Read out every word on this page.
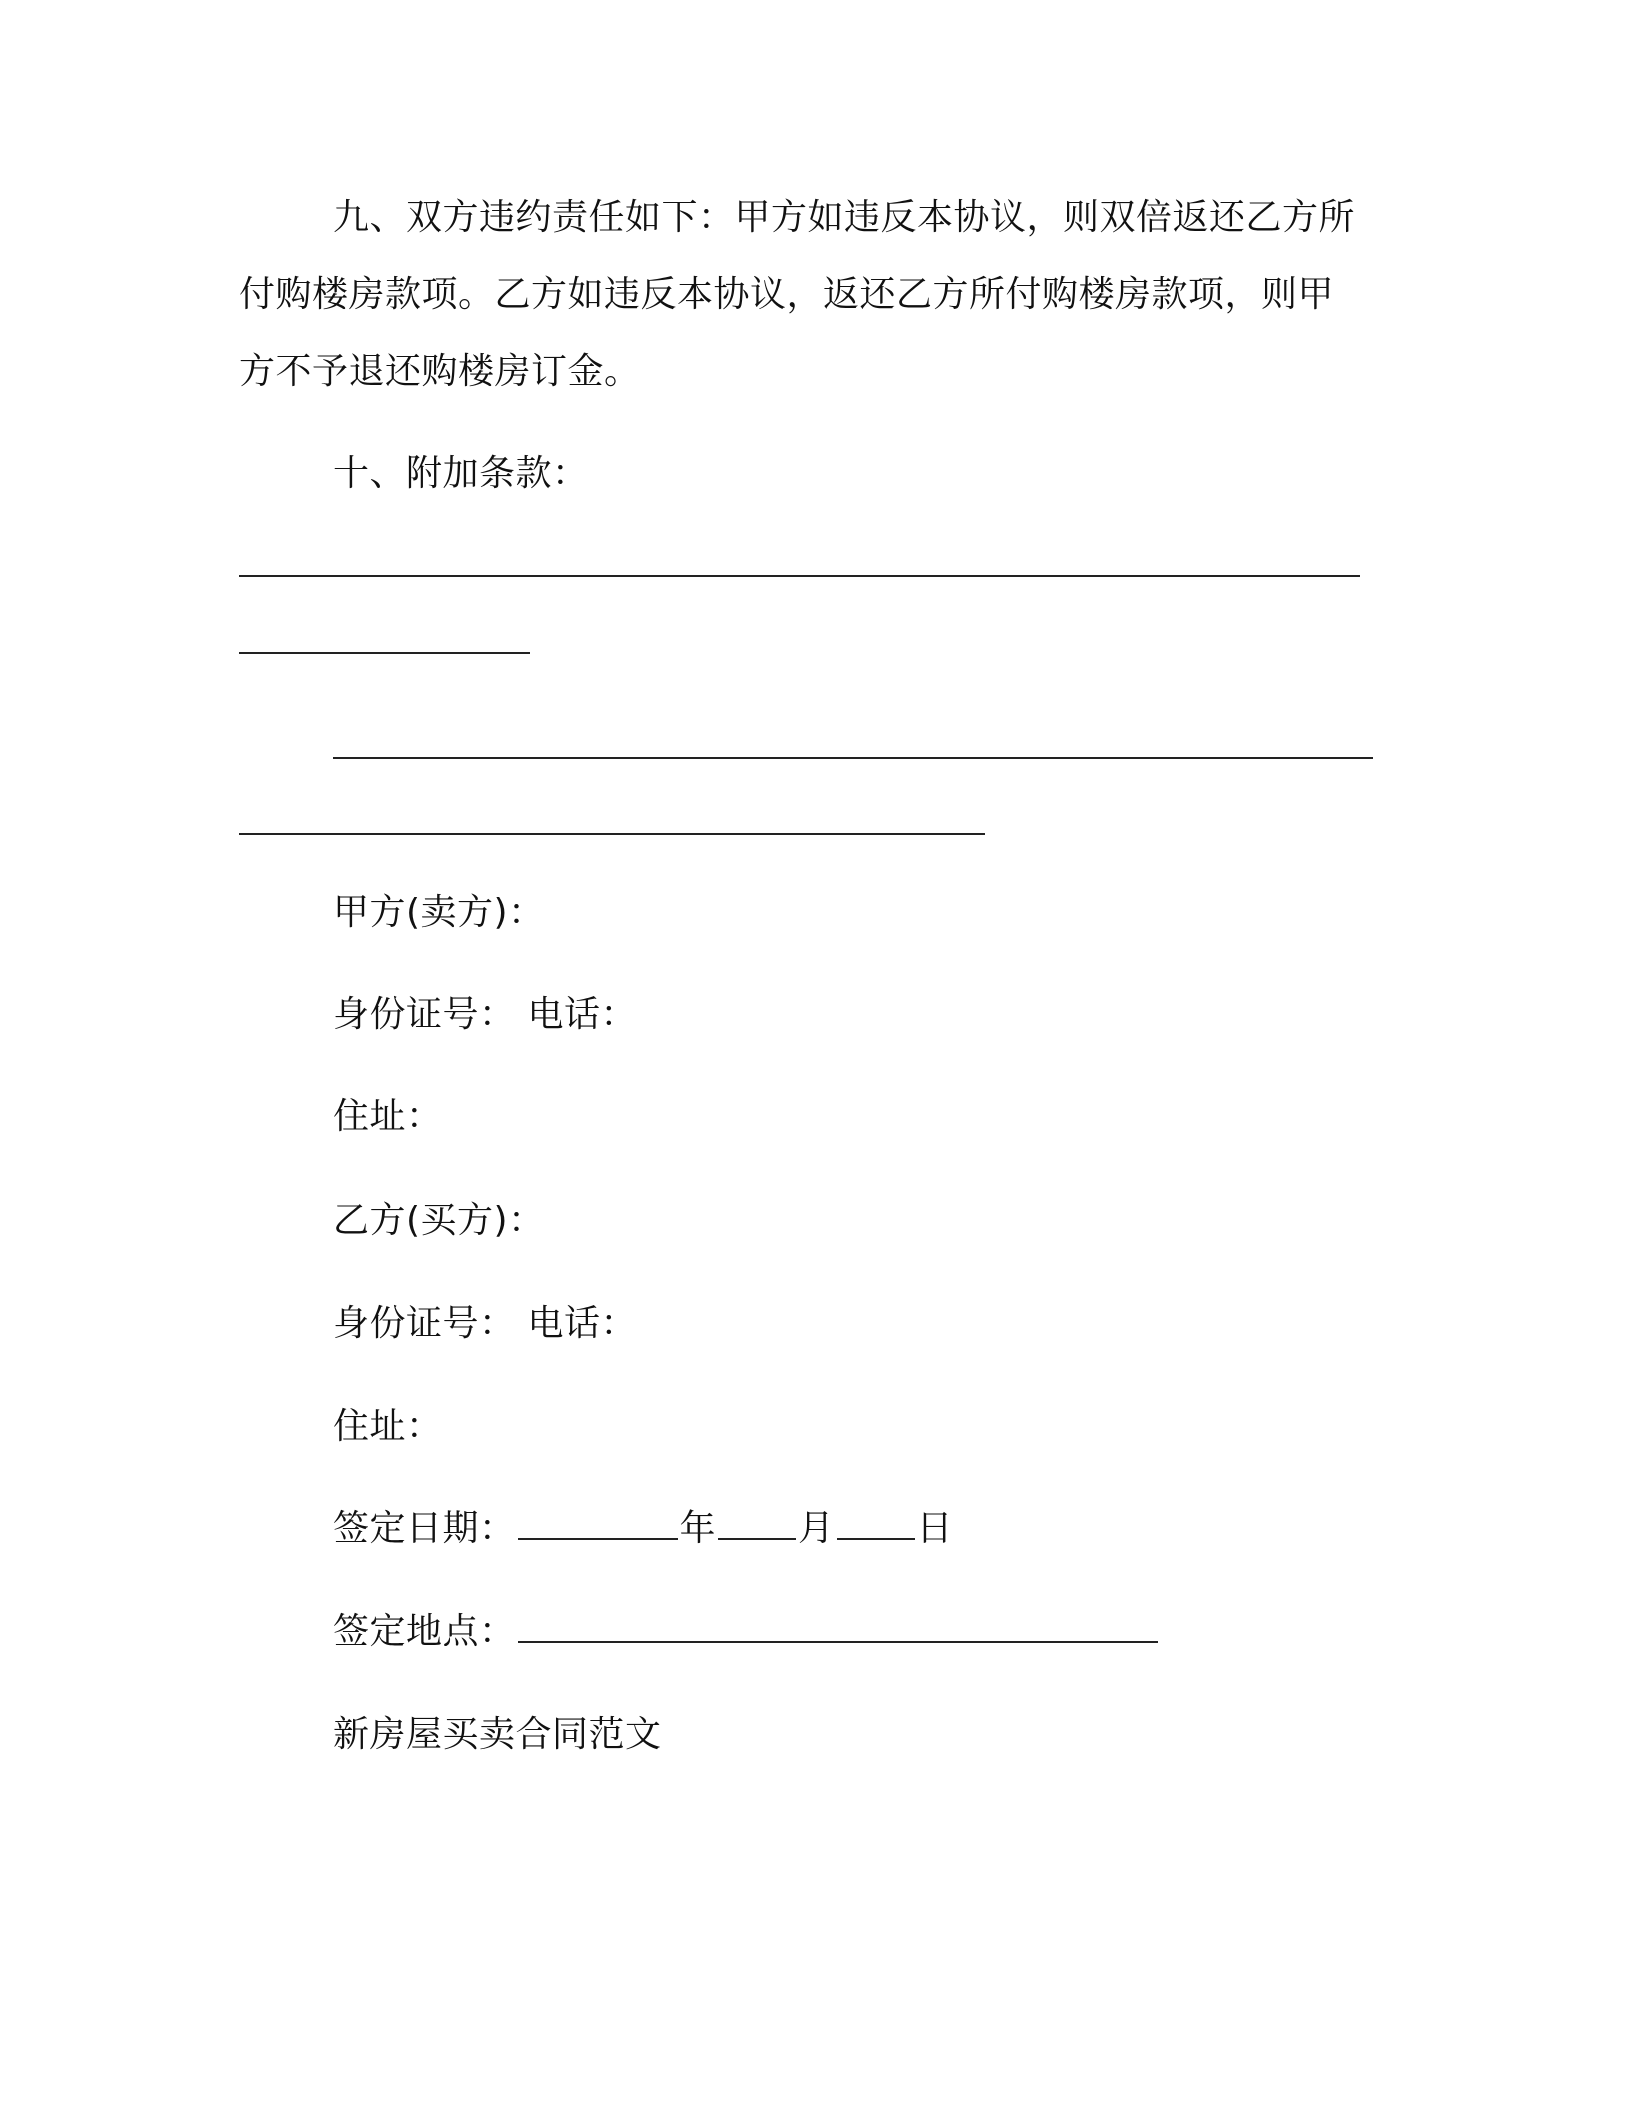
九、双方违约责任如下：甲方如违反本协议，则双倍返还乙方所
付购楼房款项。乙方如违反本协议，返还乙方所付购楼房款项，则甲
方不予退还购楼房订金。
十、附加条款：
甲方(卖方)：
身份证号： 电话：
住址：
乙方(买方)：
身份证号： 电话：
住址：
签定日期：	年 月 日
签定地点：
新房屋买卖合同范文
